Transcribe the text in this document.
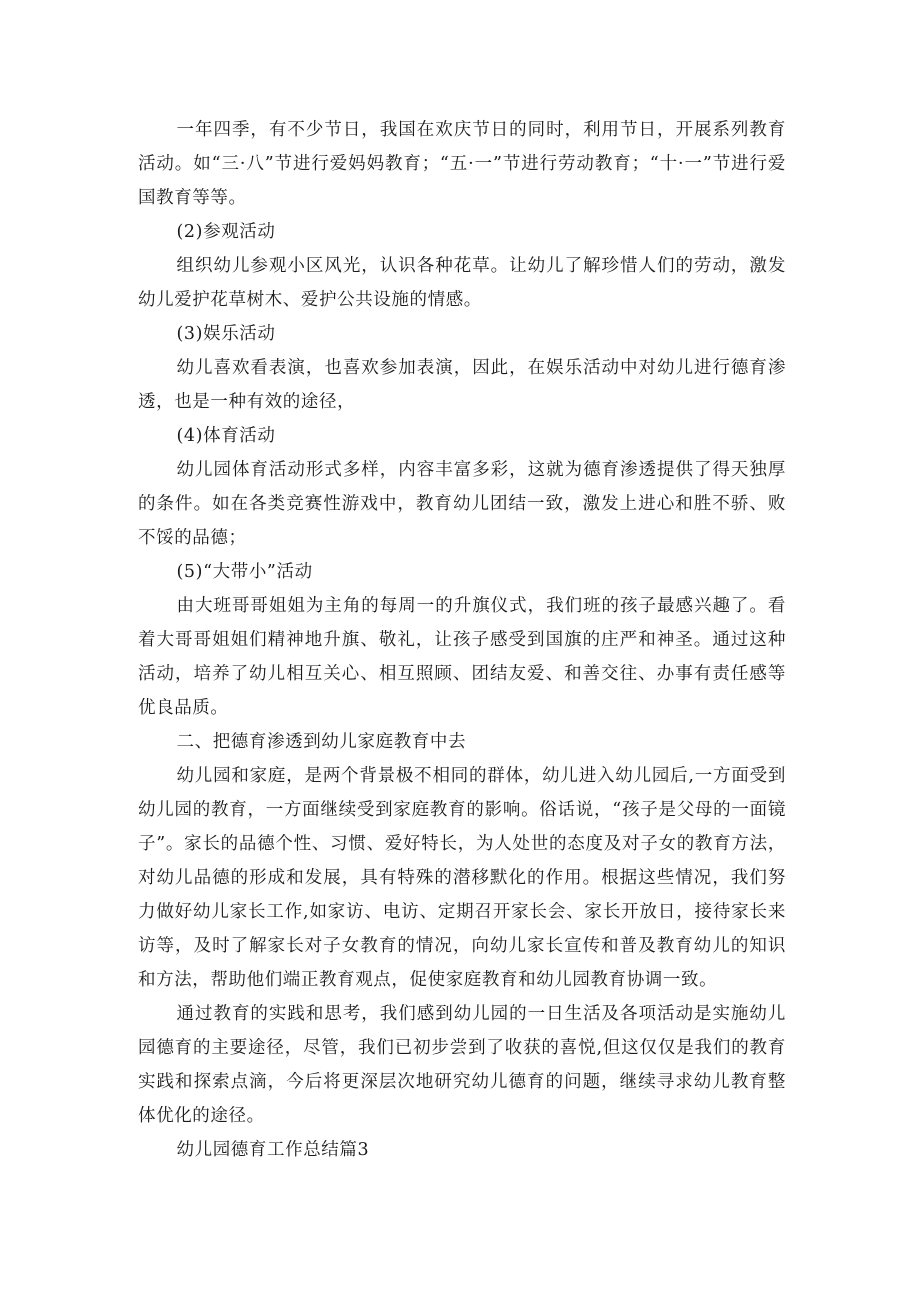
一年四季，有不少节日，我国在欢庆节日的同时，利用节日，开展系列教育活动。如“三·八”节进行爱妈妈教育；“五·一”节进行劳动教育；“十·一”节进行爱国教育等等。

(2)参观活动

组织幼儿参观小区风光，认识各种花草。让幼儿了解珍惜人们的劳动，激发幼儿爱护花草树木、爱护公共设施的情感。

(3)娱乐活动

幼儿喜欢看表演，也喜欢参加表演，因此，在娱乐活动中对幼儿进行德育渗透，也是一种有效的途径，

(4)体育活动

幼儿园体育活动形式多样，内容丰富多彩，这就为德育渗透提供了得天独厚的条件。如在各类竞赛性游戏中，教育幼儿团结一致，激发上进心和胜不骄、败不馁的品德；

(5)“大带小”活动

由大班哥哥姐姐为主角的每周一的升旗仪式，我们班的孩子最感兴趣了。看着大哥哥姐姐们精神地升旗、敬礼，让孩子感受到国旗的庄严和神圣。通过这种活动，培养了幼儿相互关心、相互照顾、团结友爱、和善交往、办事有责任感等优良品质。

二、把德育渗透到幼儿家庭教育中去

幼儿园和家庭，是两个背景极不相同的群体，幼儿进入幼儿园后,一方面受到幼儿园的教育，一方面继续受到家庭教育的影响。俗话说，“孩子是父母的一面镜子”。家长的品德个性、习惯、爱好特长，为人处世的态度及对子女的教育方法，对幼儿品德的形成和发展，具有特殊的潜移默化的作用。根据这些情况，我们努力做好幼儿家长工作,如家访、电访、定期召开家长会、家长开放日，接待家长来访等，及时了解家长对子女教育的情况，向幼儿家长宣传和普及教育幼儿的知识和方法，帮助他们端正教育观点，促使家庭教育和幼儿园教育协调一致。

通过教育的实践和思考，我们感到幼儿园的一日生活及各项活动是实施幼儿园德育的主要途径，尽管，我们已初步尝到了收获的喜悦,但这仅仅是我们的教育实践和探索点滴，今后将更深层次地研究幼儿德育的问题，继续寻求幼儿教育整体优化的途径。

幼儿园德育工作总结篇3
